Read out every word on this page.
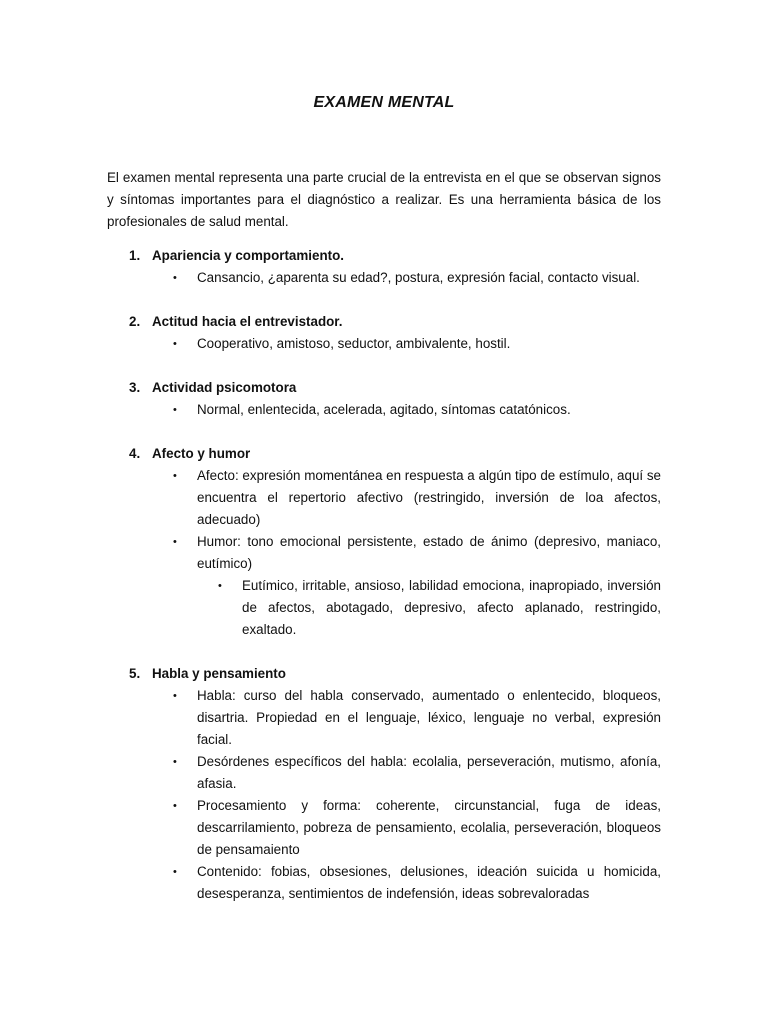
EXAMEN MENTAL

El examen mental representa una parte crucial de la entrevista en el que se observan signos y síntomas importantes para el diagnóstico a realizar. Es una herramienta básica de los profesionales de salud mental.

1. Apariencia y comportamiento.
• Cansancio, ¿aparenta su edad?, postura, expresión facial, contacto visual.
2. Actitud hacia el entrevistador.
• Cooperativo, amistoso, seductor, ambivalente, hostil.
3. Actividad psicomotora
• Normal, enlentecida, acelerada, agitado, síntomas catatónicos.
4. Afecto y humor
• Afecto: expresión momentánea en respuesta a algún tipo de estímulo, aquí se encuentra el repertorio afectivo (restringido, inversión de loa afectos, adecuado)
• Humor: tono emocional persistente, estado de ánimo (depresivo, maniaco, eutímico)
• Eutímico, irritable, ansioso, labilidad emociona, inapropiado, inversión de afectos, abotagado, depresivo, afecto aplanado, restringido, exaltado.
5. Habla y pensamiento
• Habla: curso del habla conservado, aumentado o enlentecido, bloqueos, disartria. Propiedad en el lenguaje, léxico, lenguaje no verbal, expresión facial.
• Desórdenes específicos del habla: ecolalia, perseveración, mutismo, afonía, afasia.
• Procesamiento y forma: coherente, circunstancial, fuga de ideas, descarrilamiento, pobreza de pensamiento, ecolalia, perseveración, bloqueos de pensamaiento
• Contenido: fobias, obsesiones, delusiones, ideación suicida u homicida, desesperanza, sentimientos de indefensión, ideas sobrevaloradas
